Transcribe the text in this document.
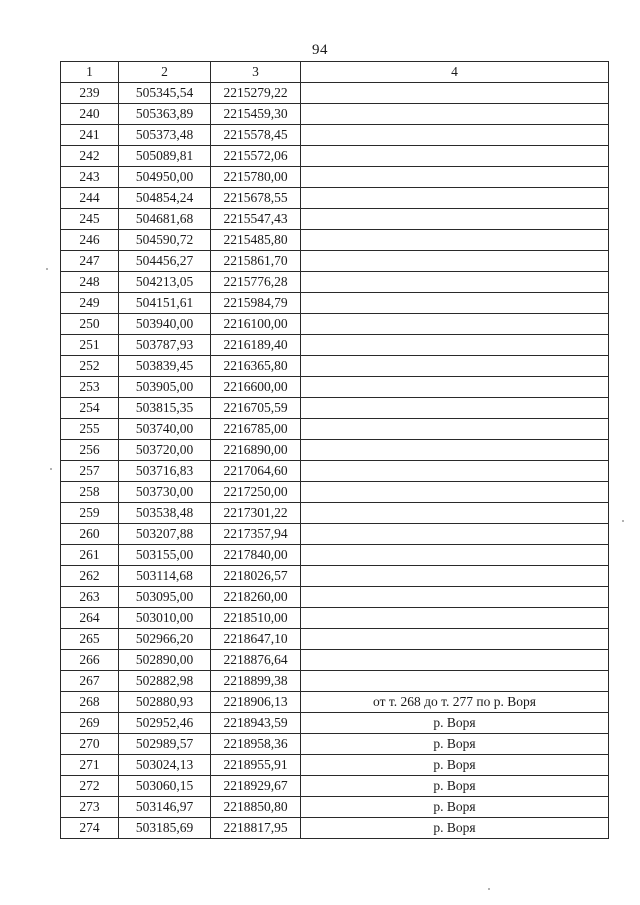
94
1	2	3	4
239	505345,54	2215279,22	
240	505363,89	2215459,30	
241	505373,48	2215578,45	
242	505089,81	2215572,06	
243	504950,00	2215780,00	
244	504854,24	2215678,55	
245	504681,68	2215547,43	
246	504590,72	2215485,80	
247	504456,27	2215861,70	
248	504213,05	2215776,28	
249	504151,61	2215984,79	
250	503940,00	2216100,00	
251	503787,93	2216189,40	
252	503839,45	2216365,80	
253	503905,00	2216600,00	
254	503815,35	2216705,59	
255	503740,00	2216785,00	
256	503720,00	2216890,00	
257	503716,83	2217064,60	
258	503730,00	2217250,00	
259	503538,48	2217301,22	
260	503207,88	2217357,94	
261	503155,00	2217840,00	
262	503114,68	2218026,57	
263	503095,00	2218260,00	
264	503010,00	2218510,00	
265	502966,20	2218647,10	
266	502890,00	2218876,64	
267	502882,98	2218899,38	
268	502880,93	2218906,13	от т. 268 до т. 277 по р. Воря
269	502952,46	2218943,59	р. Воря
270	502989,57	2218958,36	р. Воря
271	503024,13	2218955,91	р. Воря
272	503060,15	2218929,67	р. Воря
273	503146,97	2218850,80	р. Воря
274	503185,69	2218817,95	р. Воря
